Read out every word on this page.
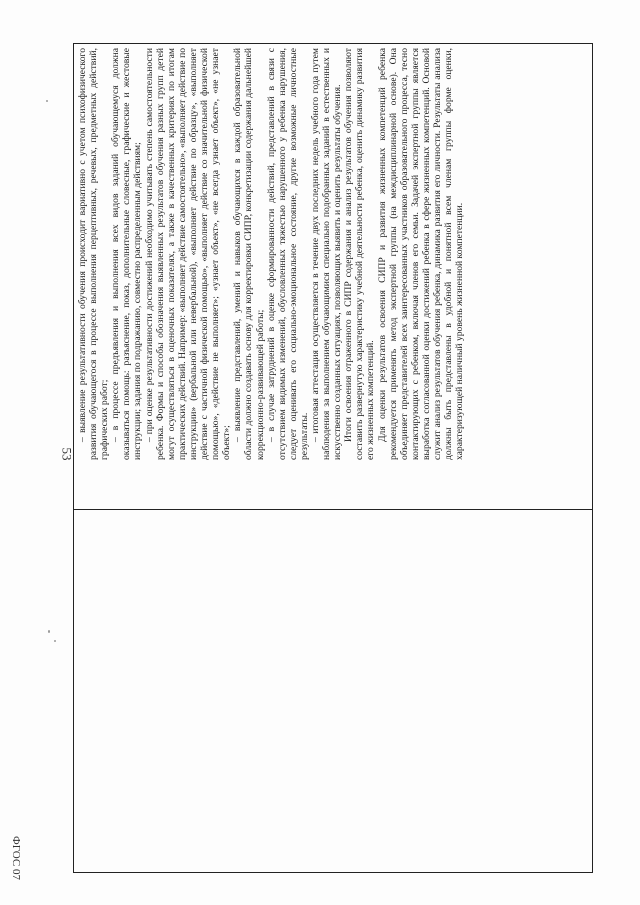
53

– выявление результативности обучения происходит вариативно с учетом психофизического развития обучающегося в процессе выполнения перцептивных, речевых, предметных действий, графических работ; – в процессе предъявления и выполнения всех видов заданий обучающемуся должна оказываться помощь: разъяснение, показ, дополнительные словесные, графические и жестовые инструкции; задания по подражанию, совместно распределенным действиям; – при оценке результативности достижений необходимо учитывать степень самостоятельности ребенка. Формы и способы обозначения выявленных результатов обучения разных групп детей могут осуществляться в оценочных показателях, а также в качественных критериях по итогам практических действий. Например: «выполняет действие самостоятельно», «выполняет действие по инструкции» (вербальной или невербальной), «выполняет действие по образцу», «выполняет действие с частичной физической помощью», «выполняет действие со значительной физической помощью», «действие не выполняет»; «узнает объект», «не всегда узнает объект», «не узнает объект»;

– выявление представлений, умений и навыков обучающихся в каждой образовательной области должно создавать основу для корректировки СИПР, конкретизации содержания дальнейшей коррекционно-развивающей работы; – в случае затруднений в оценке сформированности действий, представлений в связи с отсутствием видимых изменений, обусловленных тяжестью нарушенного у ребенка нарушения, следует оценивать его социально-эмоциональное состояние, другие возможные личностные результаты. – итоговая аттестация осуществляется в течение двух последних недель учебного года путем наблюдения за выполнением обучающимися специально подобранных заданий в естественных и искусственно созданных ситуациях, позволяющих выявить и оценить результаты обучения. Итоги освоения отраженного в СИПР содержания и анализ результатов обучения позволяют составить развернутую характеристику учебной деятельности ребенка, оценить динамику развития его жизненных компетенций. Для оценки результатов освоения СИПР и развития жизненных компетенций ребенка рекомендуется применять метод экспертной группы (на междисциплинарной основе). Она объединяет представителей всех заинтересованных участников образовательного процесса, тесно контактирующих с ребенком, включая членов его семьи. Задачей экспертной группы является выработка согласованной оценки достижений ребенка в сфере жизненных компетенций. Основой служит анализ результатов обучения ребенка, динамика развития его личности. Результаты анализа должны быть представлены в удобной и понятной всем членам группы форме оценки, характеризующей наличный уровень жизненной компетенции.

ФГОС 07
